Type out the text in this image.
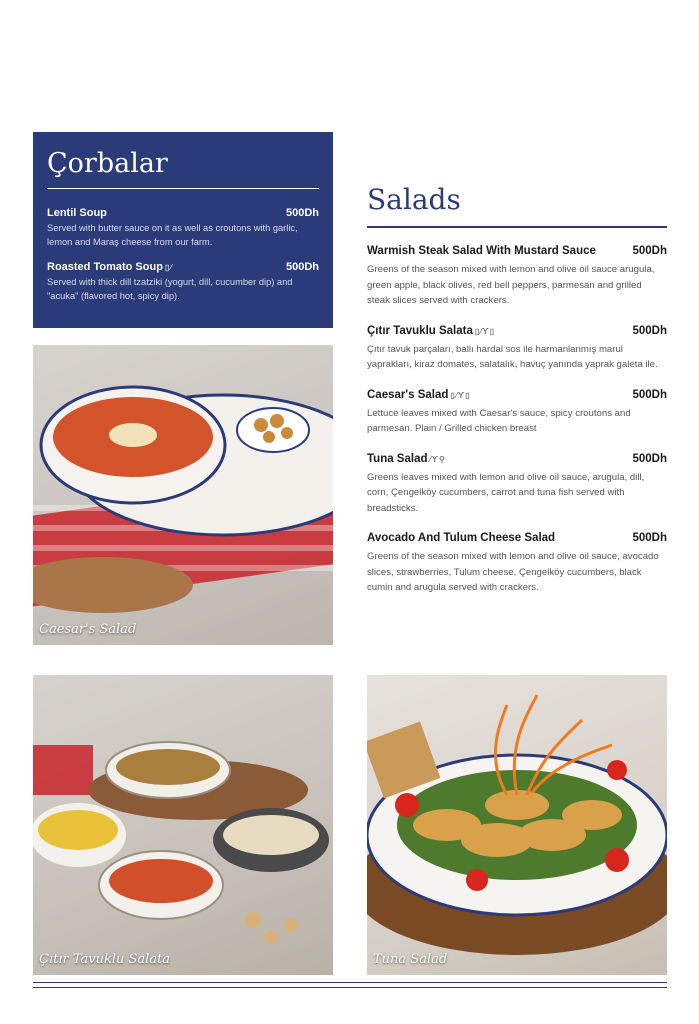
Çorbalar
Lentil Soup	500Dh
Served with butter sauce on it as well as croutons with garlic, lemon and Maraş cheese from our farm.
Roasted Tomato Soup ▯⁄	500Dh
Served with thick dill tzatziki (yogurt, dill, cucumber dip) and "acuka" (flavored hot, spicy dip).
Salads
Warmish Steak Salad With Mustard Sauce	500Dh
Greens of the season mixed with lemon and olive oil sauce arugula, green apple, black olives, red bell peppers, parmesan and grilled steak slices served with crackers.
Çıtır Tavuklu Salata ▯⁄ϒ▯	500Dh
Çıtır tavuk parçaları, ballı hardal sos ile harmanlanmış marul yaprakları, kiraz domates, salatalık, havuç yanında yaprak galeta ile.
Caesar's Salad ▯⁄ϒ▯	500Dh
Lettuce leaves mixed with Caesar's sauce, spicy croutons and parmesan. Plain / Grilled chicken breast
Tuna Salad ⁄ϒ⚲	500Dh
Greens leaves mixed with lemon and olive oil sauce, arugula, dill, corn, Çengelköy cucumbers, carrot and tuna fish served with breadsticks.
Avocado And Tulum Cheese Salad	500Dh
Greens of the season mixed with lemon and olive oil sauce, avocado slices, strawberries, Tulum cheese, Çengelköy cucumbers, black cumin and arugula served with crackers.
Caesar's Salad
Çıtır Tavuklu Salata	Tuna Salad
